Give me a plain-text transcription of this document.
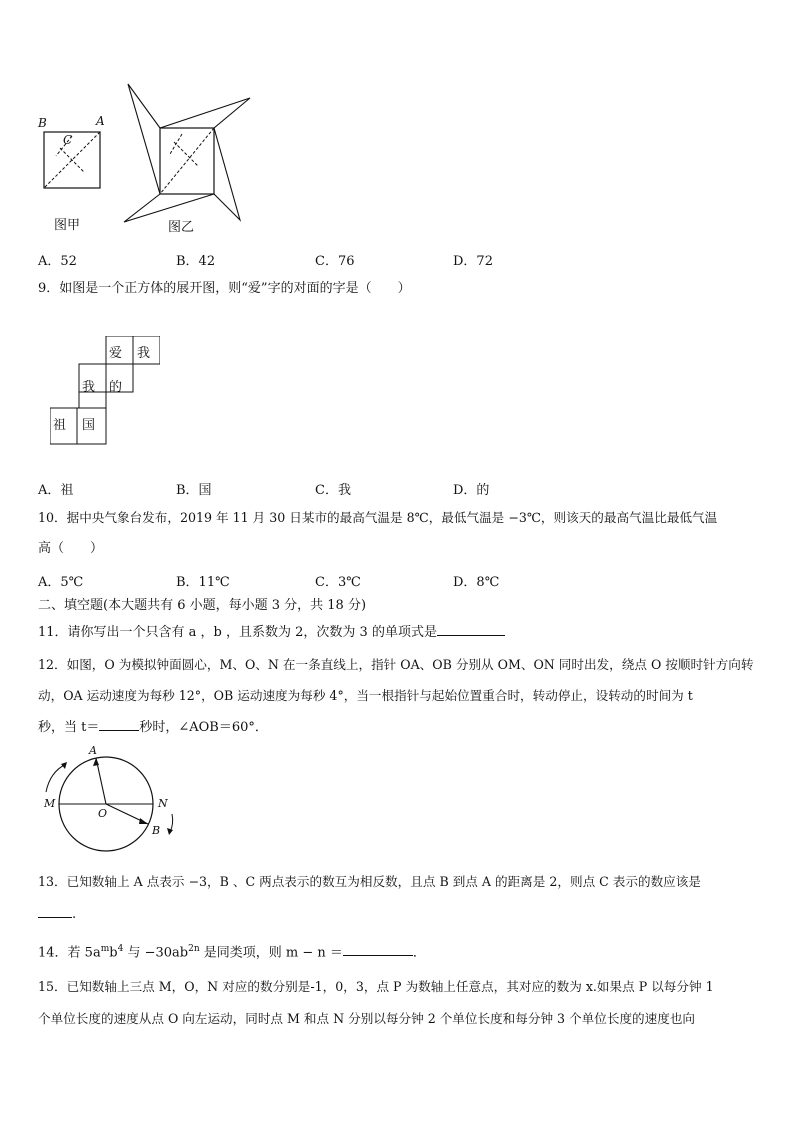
B	A
C
图甲	图乙
A．52	B．42	C．76	D．72
9．如图是一个正方体的展开图，则“爱”字的对面的字是（　　）
爱 我
我 的
祖 国
A．祖	B．国	C．我	D．的
10．据中央气象台发布，2019 年 11 月 30 日某市的最高气温是 8℃，最低气温是 −3℃，则该天的最高气温比最低气温
高（　　）
A．5℃	B．11℃	C．3℃	D．8℃
二、填空题(本大题共有 6 小题，每小题 3 分，共 18 分)
11．请你写出一个只含有 a ，b ，且系数为 2，次数为 3 的单项式是
12．如图，O 为模拟钟面圆心，M、O、N 在一条直线上，指针 OA、OB 分别从 OM、ON 同时出发，绕点 O 按顺时针方向转
动，OA 运动速度为每秒 12°，OB 运动速度为每秒 4°，当一根指针与起始位置重合时，转动停止，设转动的时间为 t
秒，当 t＝	秒时，∠AOB＝60°．
A
M	N
O
B
13．已知数轴上 A 点表示 −3，B 、C 两点表示的数互为相反数，且点 B 到点 A 的距离是 2，则点 C 表示的数应该是
.
14．若 $5a^mb^4$ 与 $-30ab^{2n}$ 是同类项，则 m − n ＝	．
15．已知数轴上三点 M，O，N 对应的数分别是-1，0，3，点 P 为数轴上任意点，其对应的数为 x.如果点 P 以每分钟 1
个单位长度的速度从点 O 向左运动，同时点 M 和点 N 分别以每分钟 2 个单位长度和每分钟 3 个单位长度的速度也向
